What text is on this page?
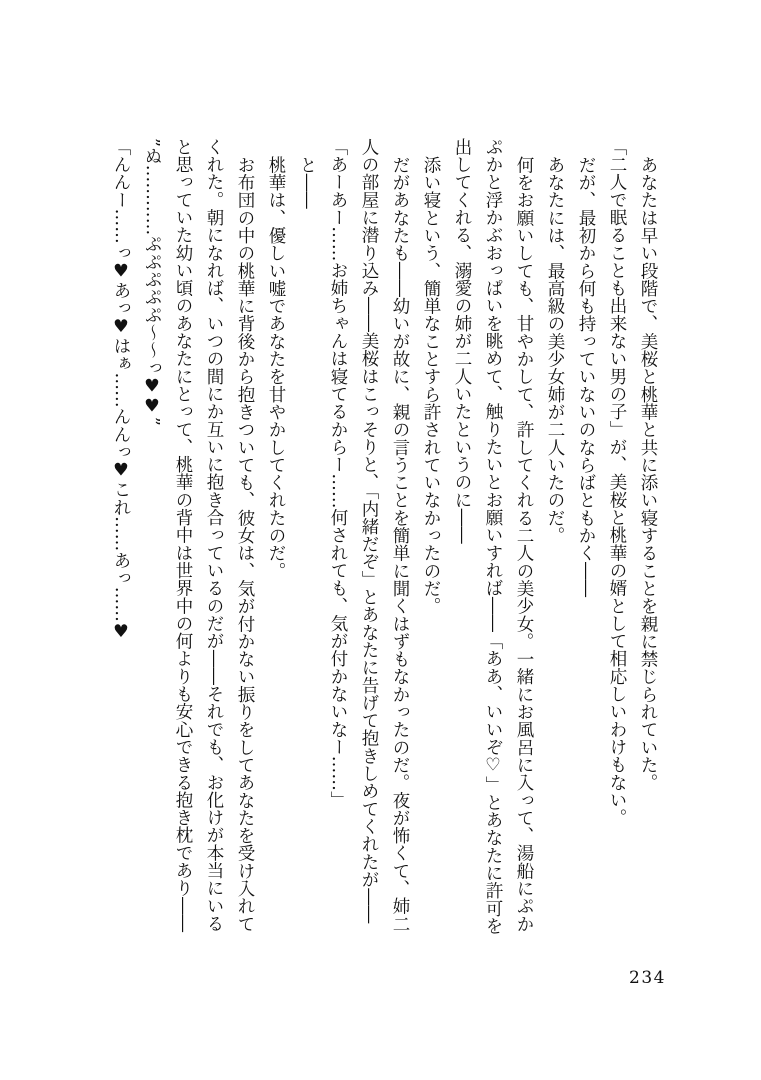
あなたは早い段階で、美桜と桃華と共に添い寝することを親に禁じられていた。
「二人で眠ることも出来ない男の子」が、美桜と桃華の婿として相応しいわけもない。
だが、最初から何も持っていないのならばともかく――
あなたには、最高級の美少女姉が二人いたのだ。
何をお願いしても、甘やかして、許してくれる二人の美少女。一緒にお風呂に入って、湯船にぷか
ぷかと浮かぶおっぱいを眺めて、触りたいとお願いすれば――「ああ、いいぞ♡」とあなたに許可を
出してくれる、溺愛の姉が二人いたというのに――
添い寝という、簡単なことすら許されていなかったのだ。
だがあなたも――幼いが故に、親の言うことを簡単に聞くはずもなかったのだ。夜が怖くて、姉二
人の部屋に潜り込み――美桜はこっそりと、「内緒だぞ」とあなたに告げて抱きしめてくれたが――
「あーあー……お姉ちゃんは寝てるからー……何されても、気が付かないなー……」
と――
桃華は、優しい嘘であなたを甘やかしてくれたのだ。
お布団の中の桃華に背後から抱きついても、彼女は、気が付かない振りをしてあなたを受け入れて
くれた。朝になれば、いつの間にか互いに抱き合っているのだが――それでも、お化けが本当にいる
と思っていた幼い頃のあなたにとって、桃華の背中は世界中の何よりも安心できる抱き枕であり――
”ぬ…………ぷぷぷぷぷ～～っ♥♥”
「んんー……っ♥あっ♥はぁ……んんっ♥これ……あっ……♥
234
